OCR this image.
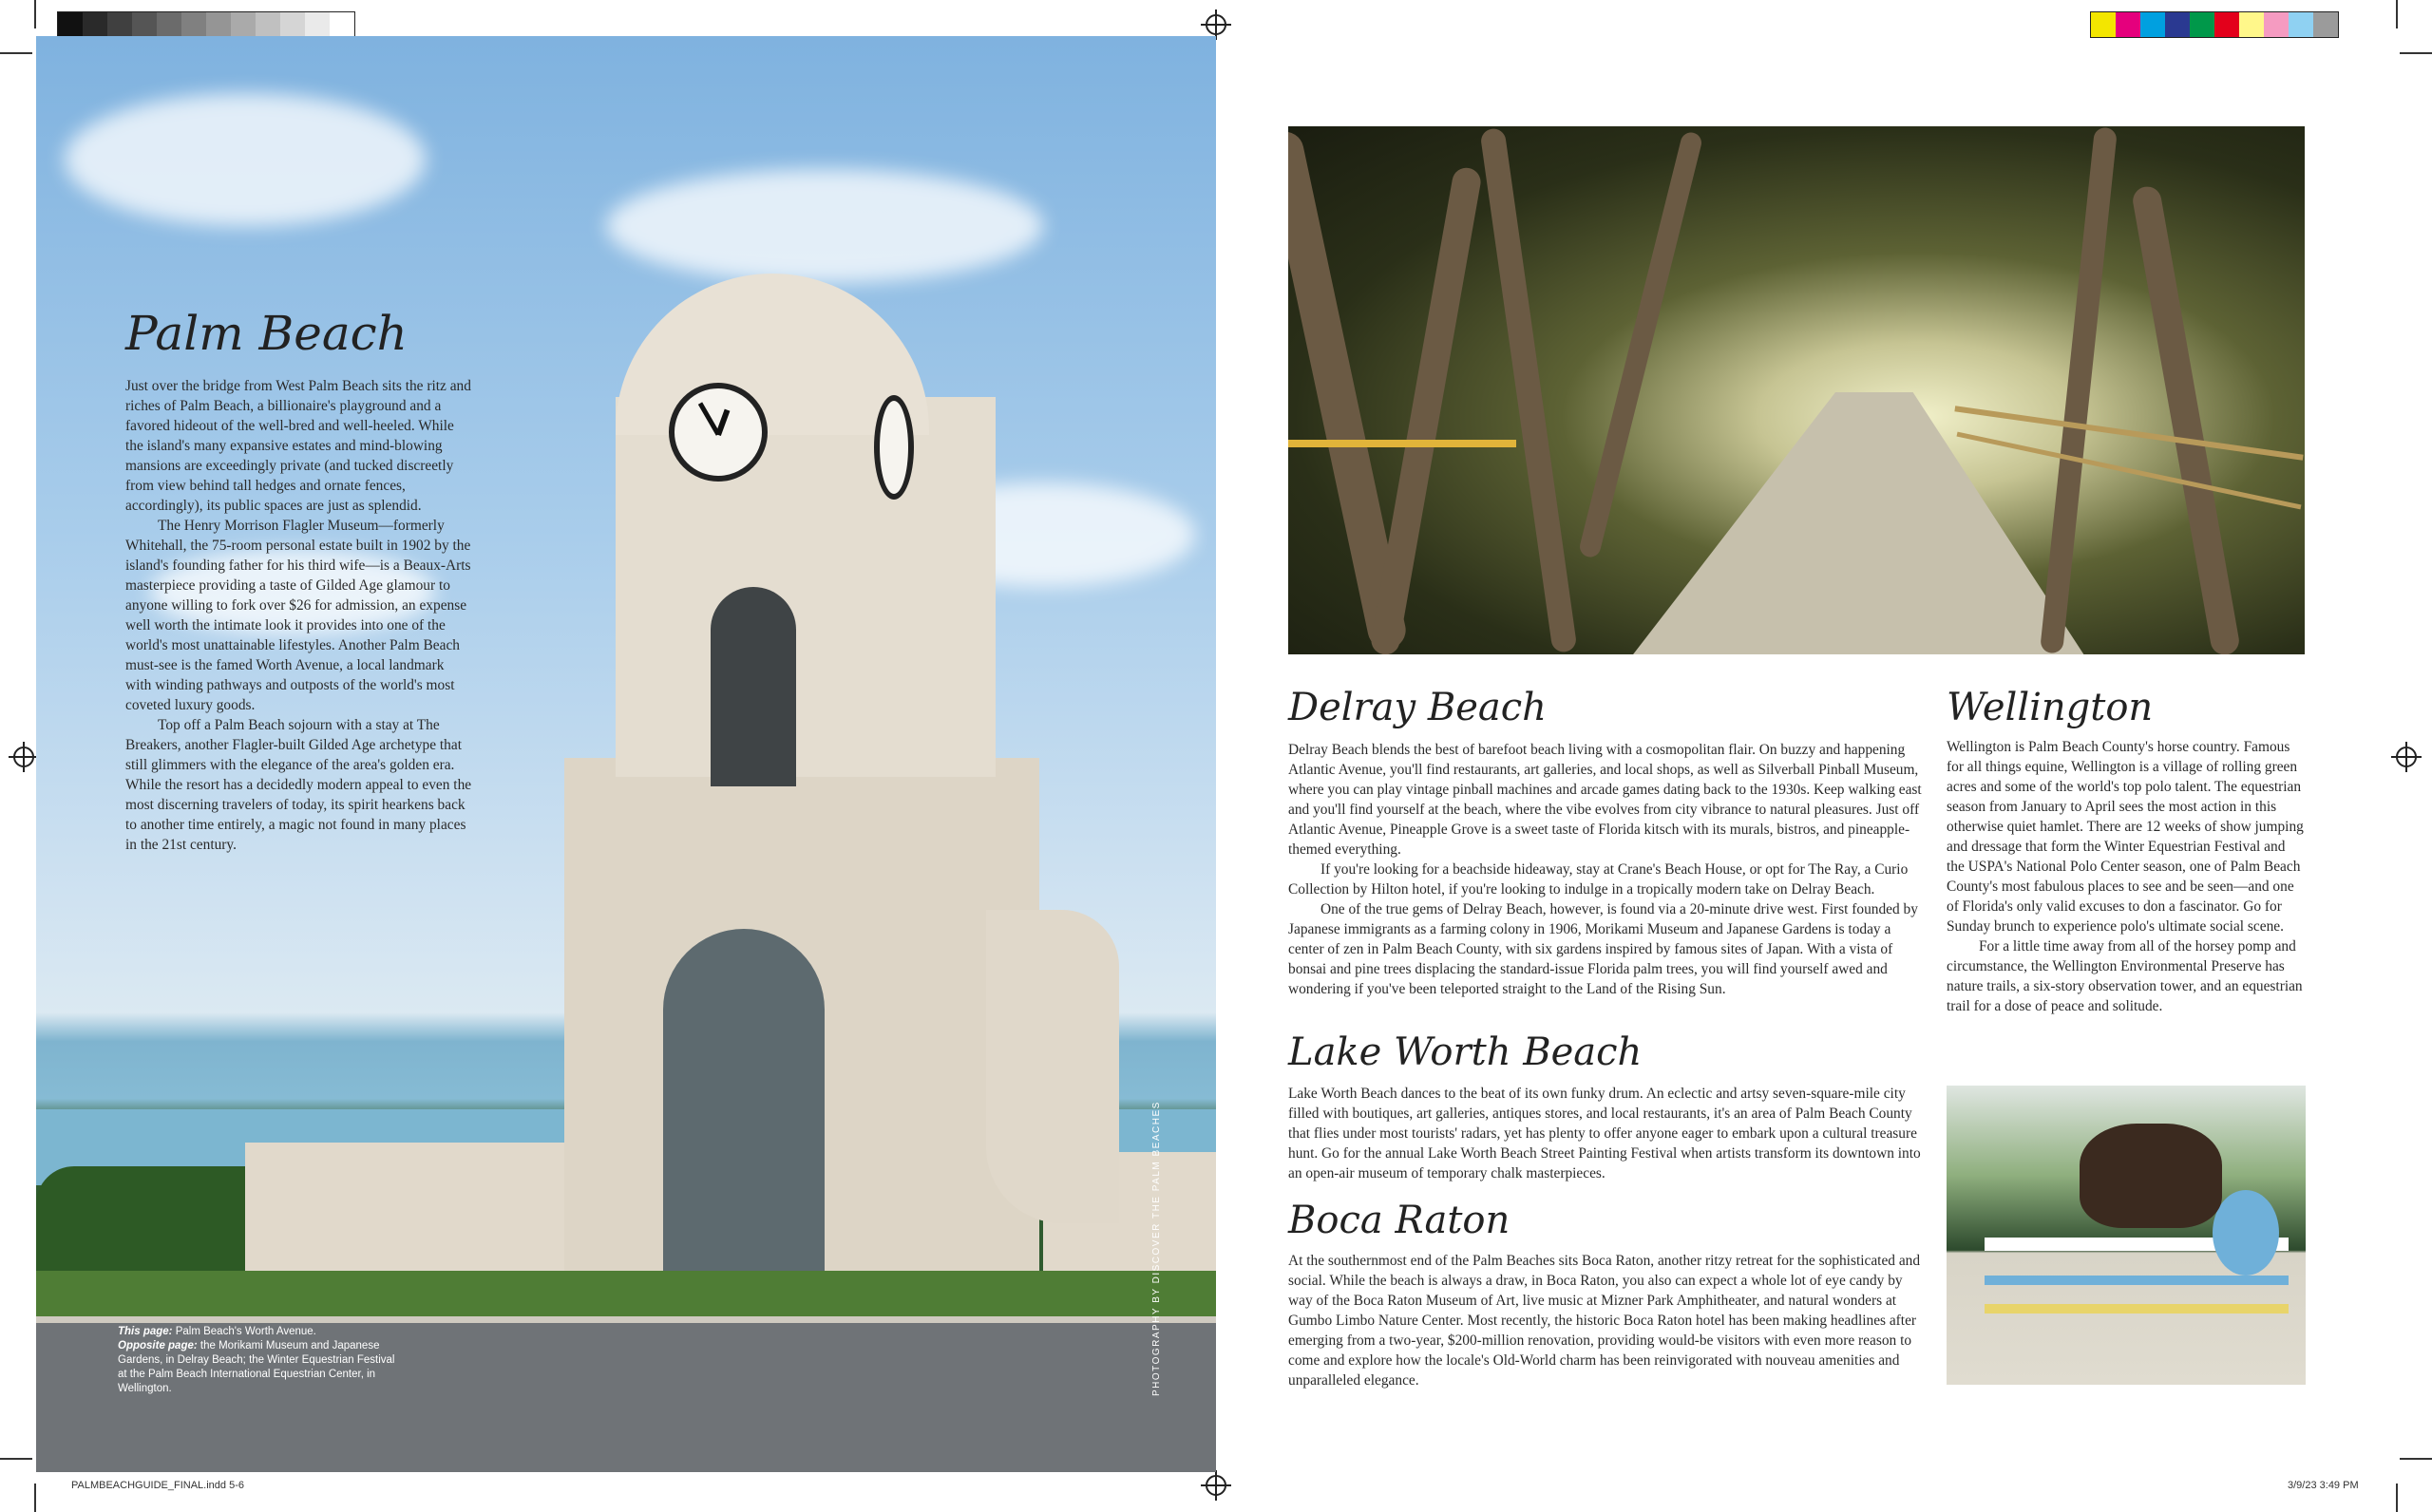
Palm Beach

Just over the bridge from West Palm Beach sits the ritz and riches of Palm Beach, a billionaire's playground and a favored hideout of the well-bred and well-heeled. While the island's many expansive estates and mind-blowing mansions are exceedingly private (and tucked discreetly from view behind tall hedges and ornate fences, accordingly), its public spaces are just as splendid.

The Henry Morrison Flagler Museum—formerly Whitehall, the 75-room personal estate built in 1902 by the island's founding father for his third wife—is a Beaux-Arts masterpiece providing a taste of Gilded Age glamour to anyone willing to fork over $26 for admission, an expense well worth the intimate look it provides into one of the world's most unattainable lifestyles. Another Palm Beach must-see is the famed Worth Avenue, a local landmark with winding pathways and outposts of the world's most coveted luxury goods.

Top off a Palm Beach sojourn with a stay at The Breakers, another Flagler-built Gilded Age archetype that still glimmers with the elegance of the area's golden era. While the resort has a decidedly modern appeal to even the most discerning travelers of today, its spirit hearkens back to another time entirely, a magic not found in many places in the 21st century.

This page: Palm Beach's Worth Avenue.
Opposite page: the Morikami Museum and Japanese Gardens, in Delray Beach; the Winter Equestrian Festival at the Palm Beach International Equestrian Center, in Wellington.	PHOTOGRAPHY BY DISCOVER THE PALM BEACHES
Delray Beach

Delray Beach blends the best of barefoot beach living with a cosmopolitan flair. On buzzy and happening Atlantic Avenue, you'll find restaurants, art galleries, and local shops, as well as Silverball Pinball Museum, where you can play vintage pinball machines and arcade games dating back to the 1930s. Keep walking east and you'll find yourself at the beach, where the vibe evolves from city vibrance to natural pleasures. Just off Atlantic Avenue, Pineapple Grove is a sweet taste of Florida kitsch with its murals, bistros, and pineapple-themed everything.

If you're looking for a beachside hideaway, stay at Crane's Beach House, or opt for The Ray, a Curio Collection by Hilton hotel, if you're looking to indulge in a tropically modern take on Delray Beach.

One of the true gems of Delray Beach, however, is found via a 20-minute drive west. First founded by Japanese immigrants as a farming colony in 1906, Morikami Museum and Japanese Gardens is today a center of zen in Palm Beach County, with six gardens inspired by famous sites of Japan. With a vista of bonsai and pine trees displacing the standard-issue Florida palm trees, you will find yourself awed and wondering if you've been teleported straight to the Land of the Rising Sun.

Lake Worth Beach

Lake Worth Beach dances to the beat of its own funky drum. An eclectic and artsy seven-square-mile city filled with boutiques, art galleries, antiques stores, and local restaurants, it's an area of Palm Beach County that flies under most tourists' radars, yet has plenty to offer anyone eager to embark upon a cultural treasure hunt. Go for the annual Lake Worth Beach Street Painting Festival when artists transform its downtown into an open-air museum of temporary chalk masterpieces.

Boca Raton

At the southernmost end of the Palm Beaches sits Boca Raton, another ritzy retreat for the sophisticated and social. While the beach is always a draw, in Boca Raton, you also can expect a whole lot of eye candy by way of the Boca Raton Museum of Art, live music at Mizner Park Amphitheater, and natural wonders at Gumbo Limbo Nature Center. Most recently, the historic Boca Raton hotel has been making headlines after emerging from a two-year, $200-million renovation, providing would-be visitors with even more reason to come and explore how the locale's Old-World charm has been reinvigorated with nouveau amenities and unparalleled elegance.

Wellington

Wellington is Palm Beach County's horse country. Famous for all things equine, Wellington is a village of rolling green acres and some of the world's top polo talent. The equestrian season from January to April sees the most action in this otherwise quiet hamlet. There are 12 weeks of show jumping and dressage that form the Winter Equestrian Festival and the USPA's National Polo Center season, one of Palm Beach County's most fabulous places to see and be seen—and one of Florida's only valid excuses to don a fascinator. Go for Sunday brunch to experience polo's ultimate social scene.

For a little time away from all of the horsey pomp and circumstance, the Wellington Environmental Preserve has nature trails, a six-story observation tower, and an equestrian trail for a dose of peace and solitude.

PALMBEACHGUIDE_FINAL.indd 5-6	3/9/23 3:49 PM
